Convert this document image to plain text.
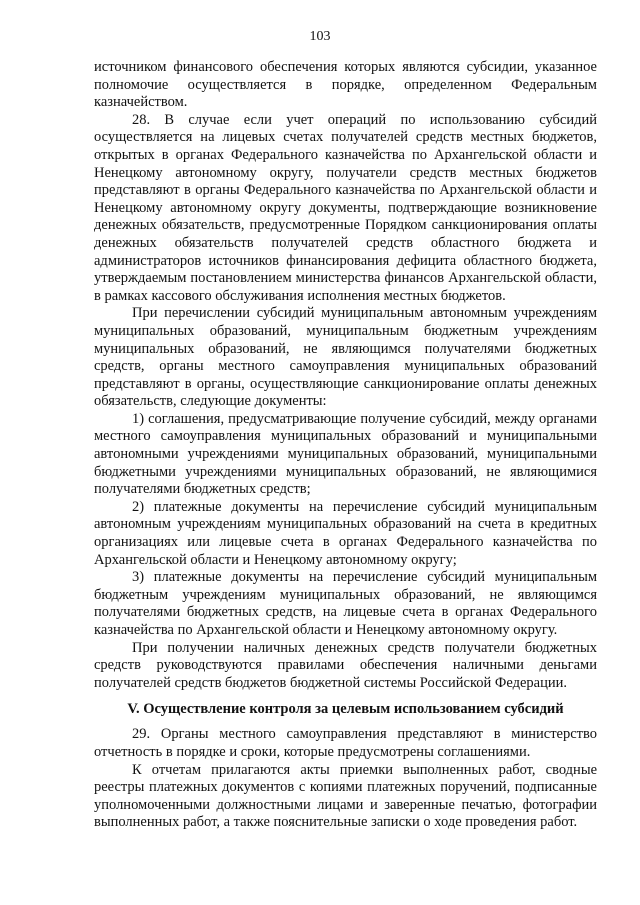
103

источником финансового обеспечения которых являются субсидии, указанное полномочие осуществляется в порядке, определенном Федеральным казначейством.

28. В случае если учет операций по использованию субсидий осуществляется на лицевых счетах получателей средств местных бюджетов, открытых в органах Федерального казначейства по Архангельской области и Ненецкому автономному округу, получатели средств местных бюджетов представляют в органы Федерального казначейства по Архангельской области и Ненецкому автономному округу документы, подтверждающие возникновение денежных обязательств, предусмотренные Порядком санкционирования оплаты денежных обязательств получателей средств областного бюджета и администраторов источников финансирования дефицита областного бюджета, утверждаемым постановлением министерства финансов Архангельской области, в рамках кассового обслуживания исполнения местных бюджетов.

При перечислении субсидий муниципальным автономным учреждениям муниципальных образований, муниципальным бюджетным учреждениям муниципальных образований, не являющимся получателями бюджетных средств, органы местного самоуправления муниципальных образований представляют в органы, осуществляющие санкционирование оплаты денежных обязательств, следующие документы:

1) соглашения, предусматривающие получение субсидий, между органами местного самоуправления муниципальных образований и муниципальными автономными учреждениями муниципальных образований, муниципальными бюджетными учреждениями муниципальных образований, не являющимися получателями бюджетных средств;

2) платежные документы на перечисление субсидий муниципальным автономным учреждениям муниципальных образований на счета в кредитных организациях или лицевые счета в органах Федерального казначейства по Архангельской области и Ненецкому автономному округу;

3) платежные документы на перечисление субсидий муниципальным бюджетным учреждениям муниципальных образований, не являющимся получателями бюджетных средств, на лицевые счета в органах Федерального казначейства по Архангельской области и Ненецкому автономному округу.

При получении наличных денежных средств получатели бюджетных средств руководствуются правилами обеспечения наличными деньгами получателей средств бюджетов бюджетной системы Российской Федерации.

V. Осуществление контроля за целевым использованием субсидий

29. Органы местного самоуправления представляют в министерство отчетность в порядке и сроки, которые предусмотрены соглашениями.

К отчетам прилагаются акты приемки выполненных работ, сводные реестры платежных документов с копиями платежных поручений, подписанные уполномоченными должностными лицами и заверенные печатью, фотографии выполненных работ, а также пояснительные записки о ходе проведения работ.
